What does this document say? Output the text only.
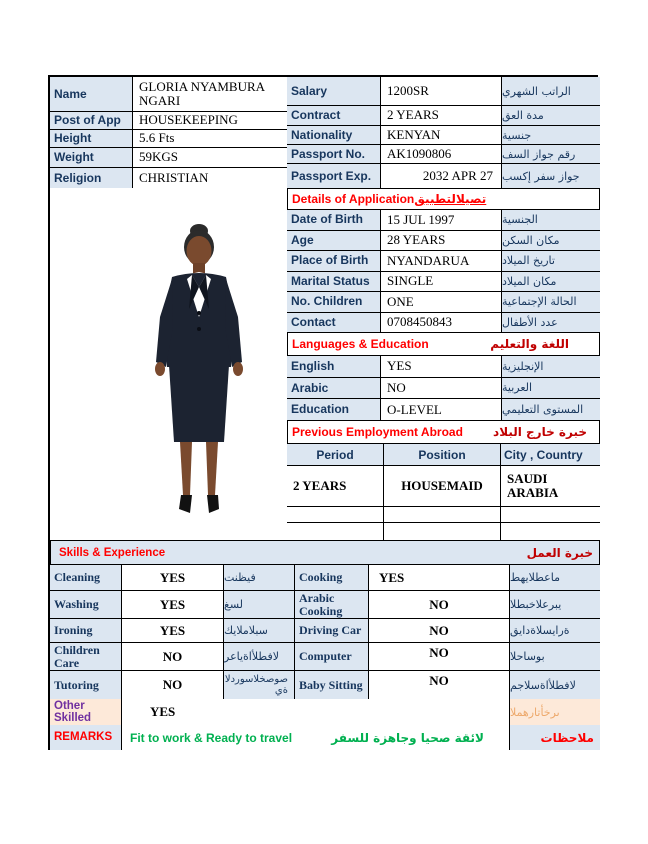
Name	GLORIA NYAMBURA NGARI
Post of App	HOUSEKEEPING
Height	5.6 Fts
Weight	59KGS
Religion	CHRISTIAN
Salary	1200SR	الراتب الشهري
Contract	2 YEARS	مدة العق
Nationality	KENYAN	جنسية
Passport No.	AK1090806	رقم جواز السف
Passport Exp.	2032 APR 27 جواز سفر إكسب
Details of Application تصيلالتطبيق
Date of Birth	15 JUL 1997	الجنسية
Age	28 YEARS	مكان السكن
Place of Birth	NYANDARUA	تاريخ الميلاد
Marital Status	SINGLE	مكان الميلاد
No. Children	ONE	الحالة الإجتماعية
Contact	0708450843	عدد الأطفال
Languages & Education	اللغة والتعليم
English	YES	الإنجليزية
Arabic	NO	العربية
Education	O-LEVEL	المستوى التعليمي
Previous Employment Abroad	خبرة خارج البلاد
Period	Position	City , Country
2 YEARS	HOUSEMAID	SAUDI ARABIA
Skills & Experience	خبرة العمل
Cleaning	YES	فيظنت	Cooking	YES	ماعطلايهط
Washing	YES	لسغ	Arabic Cooking	NO	يبرعلاخبطلا
Ironing	YES	سبلاملايك	Driving Car	NO	ةرايسلاةدايق
Children Care	NO	لافطلأاةياعر	Computer	NO	بوساحلا
Tutoring	NO	صوصخلاسوردلا ةي Baby Sitting	NO	لافطلأاةسلاجم
Other Skilled	YES	ىرخأتارهملا
REMARKS	Fit to work & Ready to travel	لائقة صحيا وجاهزة للسفر	ملاحظات
